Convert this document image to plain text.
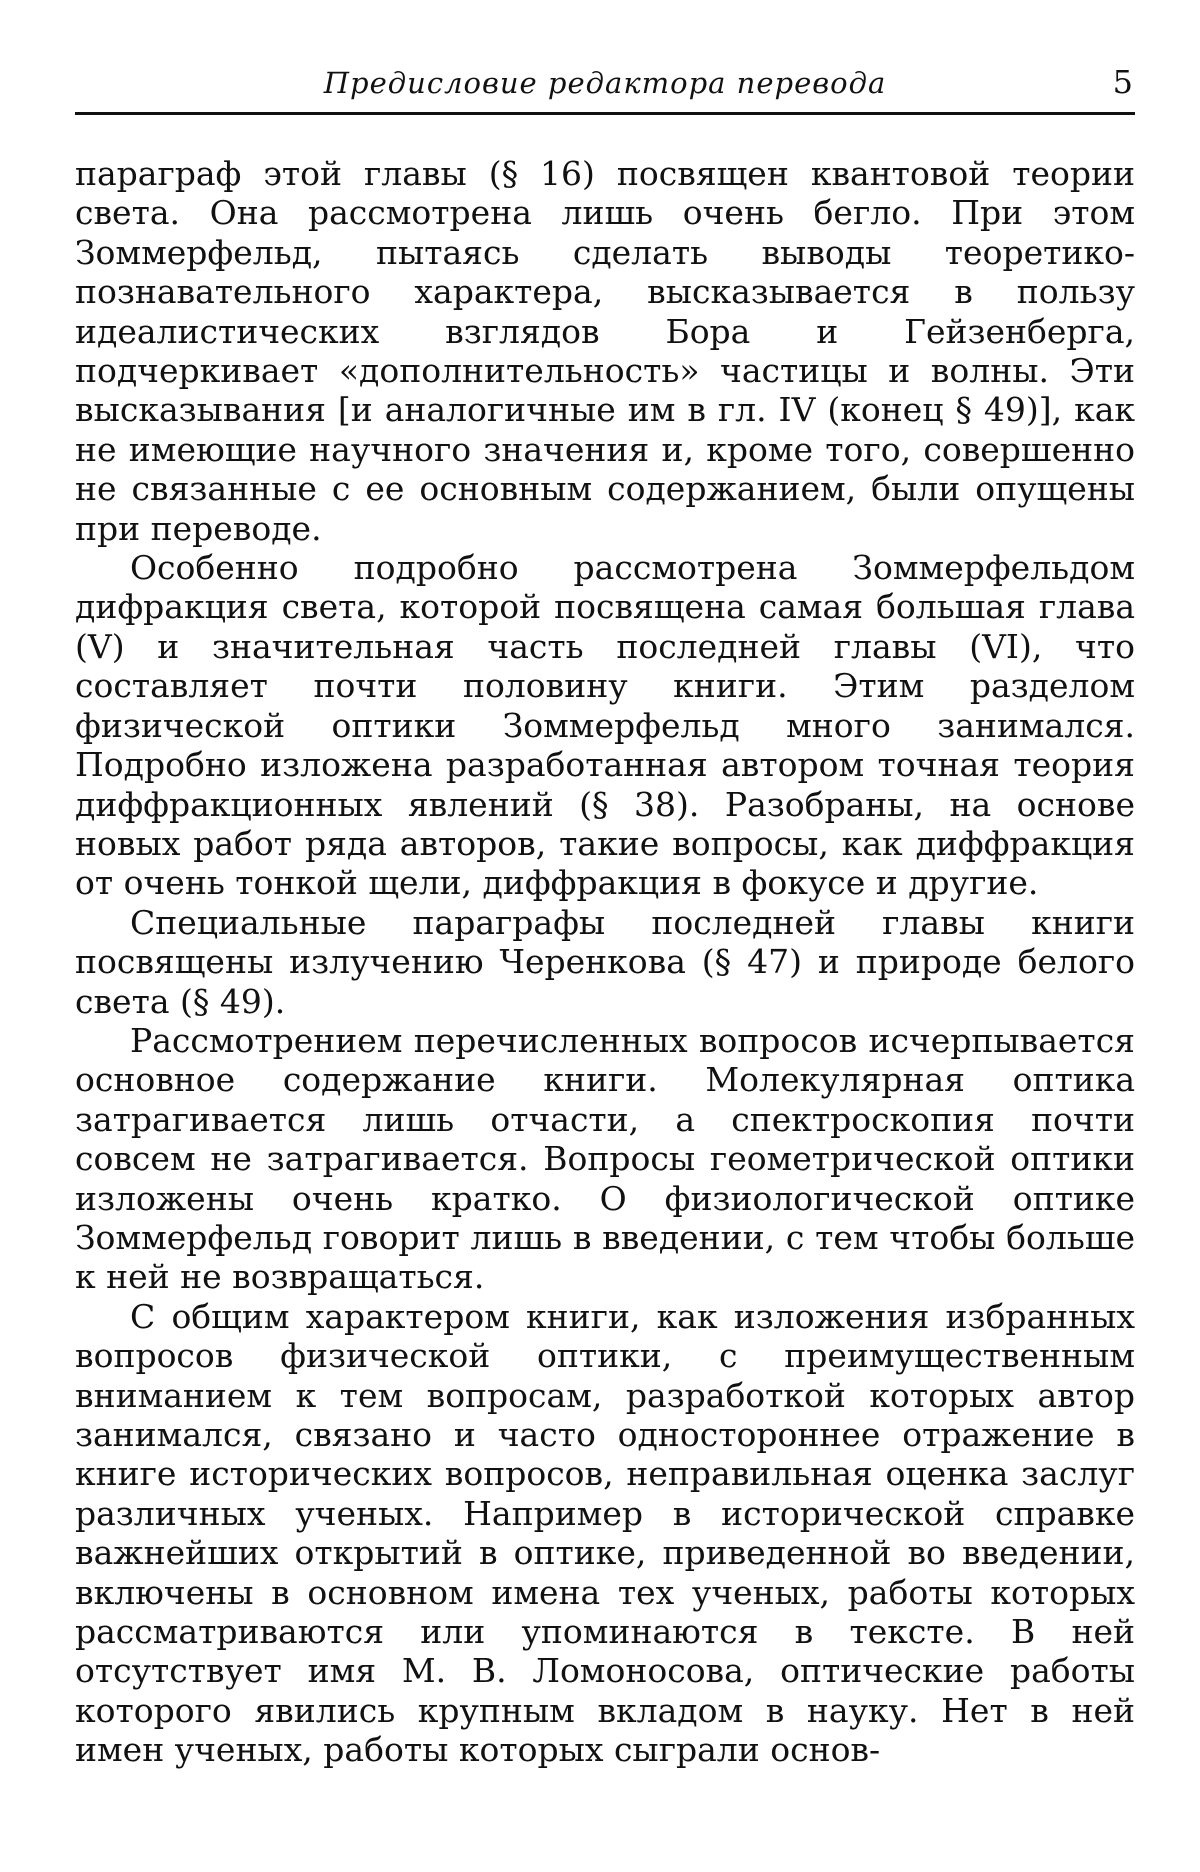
Предисловие редактора перевода	5

параграф этой главы (§ 16) посвящен квантовой теории света. Она рассмотрена лишь очень бегло. При этом Зоммерфельд, пытаясь сделать выводы теоретико-познавательного характера, высказывается в пользу идеалистических взглядов Бора и Гейзенберга, подчеркивает «дополнительность» частицы и волны. Эти высказывания [и аналогичные им в гл. IV (конец § 49)], как не имеющие научного значения и, кроме того, совершенно не связанные с ее основным содержанием, были опущены при переводе.

Особенно подробно рассмотрена Зоммерфельдом дифракция света, которой посвящена самая большая глава (V) и значительная часть последней главы (VI), что составляет почти половину книги. Этим разделом физической оптики Зоммерфельд много занимался. Подробно изложена разработанная автором точная теория диффракционных явлений (§ 38). Разобраны, на основе новых работ ряда авторов, такие вопросы, как диффракция от очень тонкой щели, диффракция в фокусе и другие.

Специальные параграфы последней главы книги посвящены излучению Черенкова (§ 47) и природе белого света (§ 49).

Рассмотрением перечисленных вопросов исчерпывается основное содержание книги. Молекулярная оптика затрагивается лишь отчасти, а спектроскопия почти совсем не затрагивается. Вопросы геометрической оптики изложены очень кратко. О физиологической оптике Зоммерфельд говорит лишь в введении, с тем чтобы больше к ней не возвращаться.

С общим характером книги, как изложения избранных вопросов физической оптики, с преимущественным вниманием к тем вопросам, разработкой которых автор занимался, связано и часто одностороннее отражение в книге исторических вопросов, неправильная оценка заслуг различных ученых. Например в исторической справке важнейших открытий в оптике, приведенной во введении, включены в основном имена тех ученых, работы которых рассматриваются или упоминаются в тексте. В ней отсутствует имя М. В. Ломоносова, оптические работы которого явились крупным вкладом в науку. Нет в ней имен ученых, работы которых сыграли основ-
